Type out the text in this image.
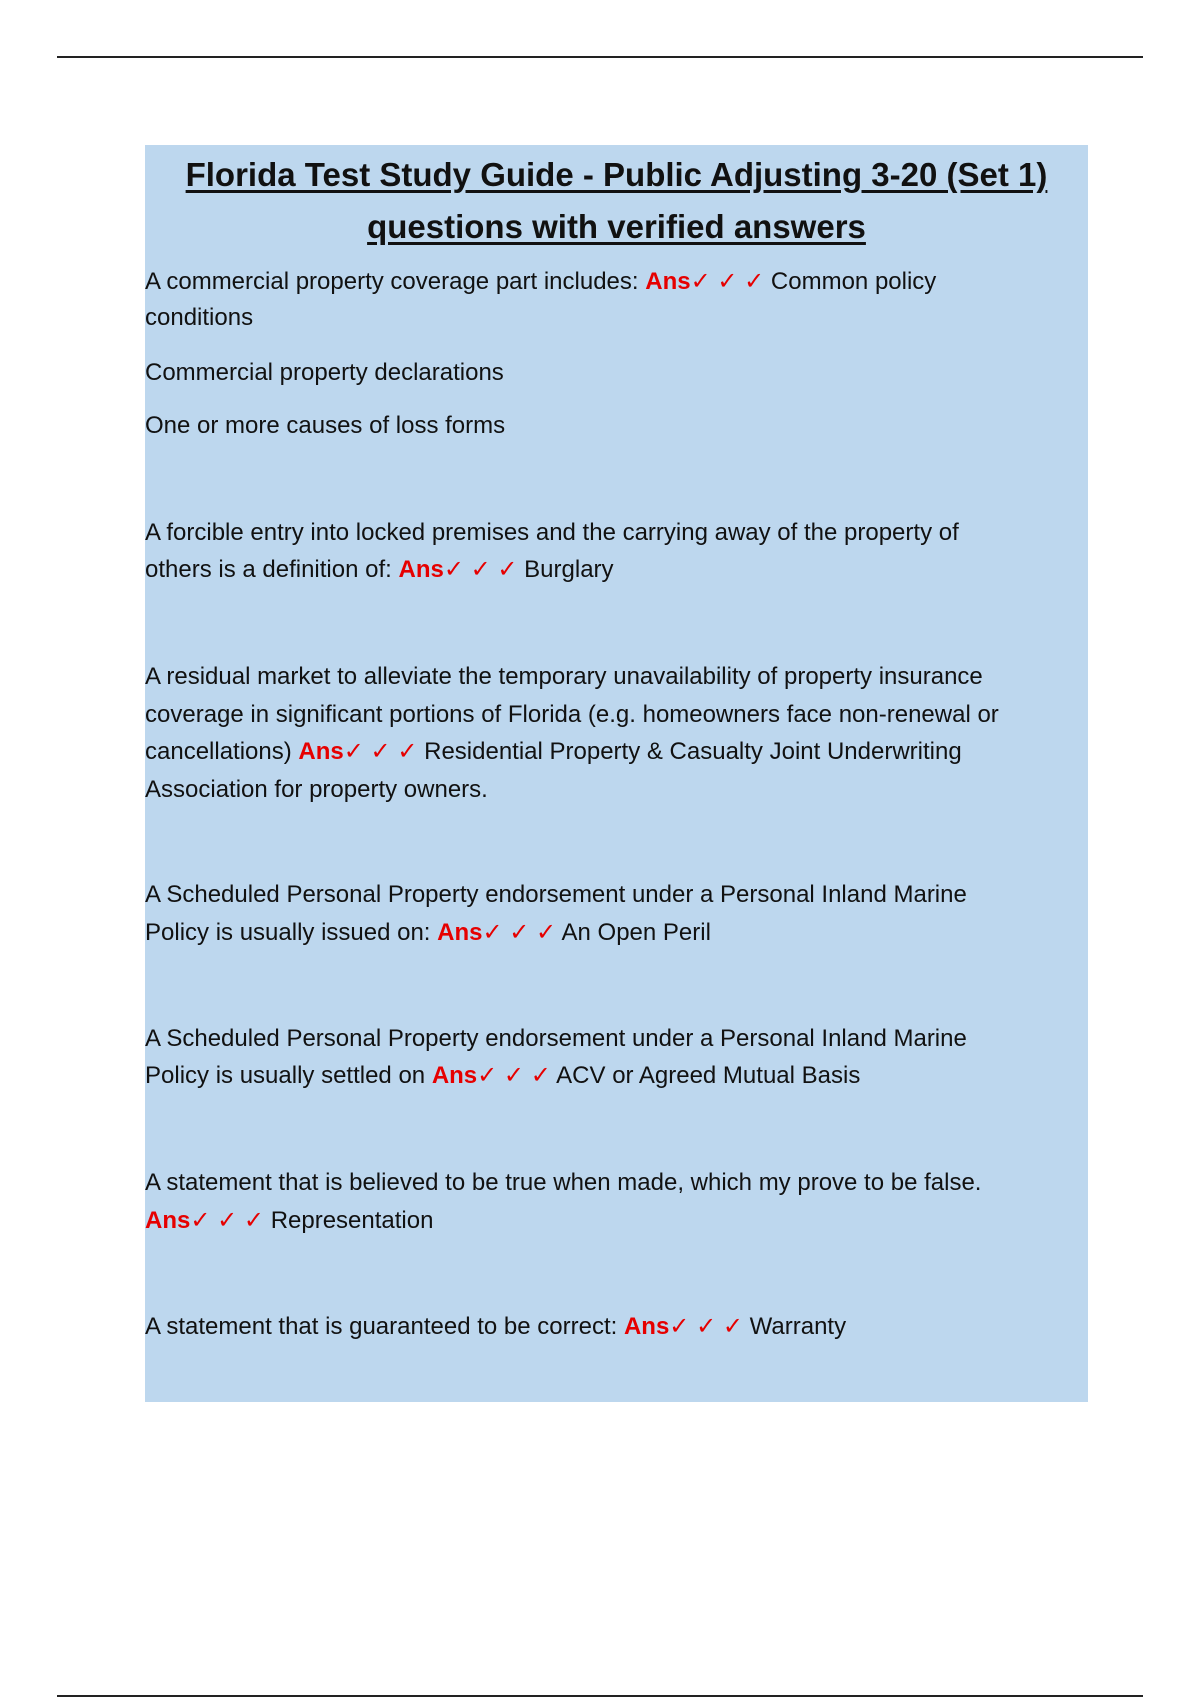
Florida Test Study Guide - Public Adjusting 3-20 (Set 1)
questions with verified answers
A commercial property coverage part includes: Ans✓ ✓ ✓ Common policy
conditions
Commercial property declarations
One or more causes of loss forms
A forcible entry into locked premises and the carrying away of the property of
others is a definition of: Ans✓ ✓ ✓ Burglary
A residual market to alleviate the temporary unavailability of property insurance
coverage in significant portions of Florida (e.g. homeowners face non-renewal or
cancellations) Ans✓ ✓ ✓ Residential Property & Casualty Joint Underwriting
Association for property owners.
A Scheduled Personal Property endorsement under a Personal Inland Marine
Policy is usually issued on: Ans✓ ✓ ✓ An Open Peril
A Scheduled Personal Property endorsement under a Personal Inland Marine
Policy is usually settled on Ans✓ ✓ ✓ ACV or Agreed Mutual Basis
A statement that is believed to be true when made, which my prove to be false.
Ans✓ ✓ ✓ Representation
A statement that is guaranteed to be correct: Ans✓ ✓ ✓ Warranty
